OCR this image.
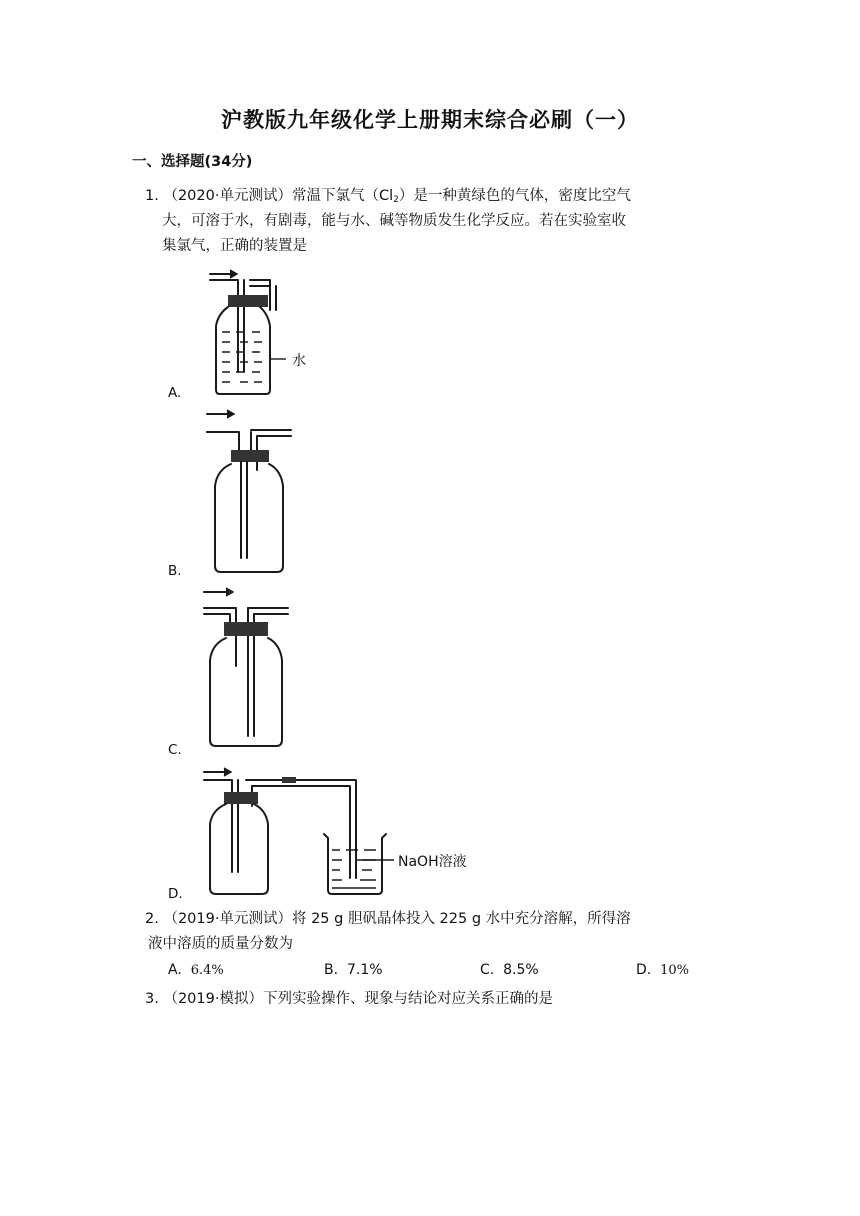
沪教版九年级化学上册期末综合必刷（一）
一、选择题(34分)
1. （2020·单元测试）常温下氯气$(Cl_2)$是一种黄绿色的气体，密度比空气
大，可溶于水，有剧毒，能与水、碱等物质发生化学反应。若在实验室收
集氯气，正确的装置是
A.
水
B.
C.
D.
NaOH溶液
2. （2019·单元测试）将 25 g 胆矾晶体投入 225 g 水中充分溶解，所得溶
液中溶质的质量分数为
A. 6.4%	B. 7.1%	C. 8.5%	D. 10%
3. （2019·模拟）下列实验操作、现象与结论对应关系正确的是
